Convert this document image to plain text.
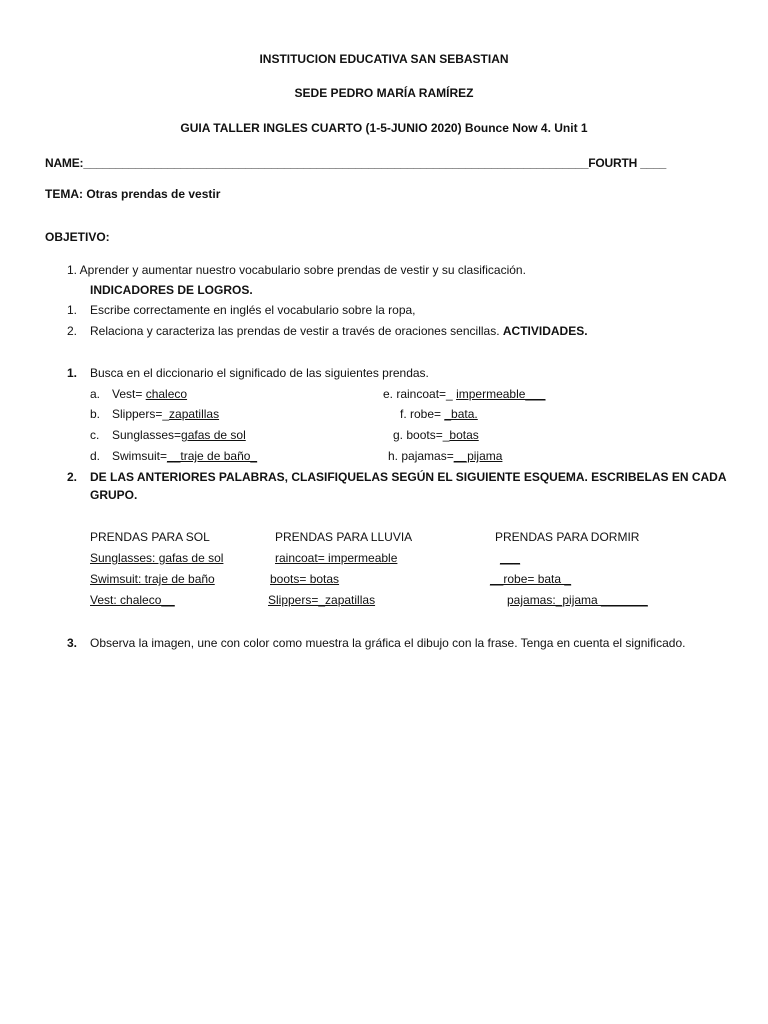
INSTITUCION EDUCATIVA SAN SEBASTIAN
SEDE PEDRO MARÍA RAMÍREZ
GUIA TALLER INGLES CUARTO (1-5-JUNIO 2020) Bounce Now 4. Unit 1
NAME:______________________________________________________________________________FOURTH ____
TEMA: Otras prendas de vestir
OBJETIVO:
1. Aprender y aumentar nuestro vocabulario sobre prendas de vestir y su clasificación.
INDICADORES DE LOGROS.
1. Escribe correctamente en inglés el vocabulario sobre la ropa,
2. Relaciona y caracteriza las prendas de vestir a través de oraciones sencillas. ACTIVIDADES.
1. Busca en el diccionario el significado de las siguientes prendas.
a. Vest= chaleco
b. Slippers=_zapatillas
c. Sunglasses=gafas de sol
d. Swimsuit=__traje de baño_
e. raincoat=_ impermeable___
f. robe= _bata.
g. boots=_botas
h. pajamas=__pijama
2. DE LAS ANTERIORES PALABRAS, CLASIFIQUELAS SEGÚN EL SIGUIENTE ESQUEMA. ESCRIBELAS EN CADA
GRUPO.
PRENDAS PARA SOL	PRENDAS PARA LLUVIA	PRENDAS PARA DORMIR
Sunglasses: gafas de sol
Swimsuit: traje de baño
Vest: chaleco__
raincoat= impermeable
boots= botas
Slippers=_zapatillas
___
__robe= bata _
pajamas:_pijama _______
3. Observa la imagen, une con color como muestra la gráfica el dibujo con la frase. Tenga en cuenta el significado.
